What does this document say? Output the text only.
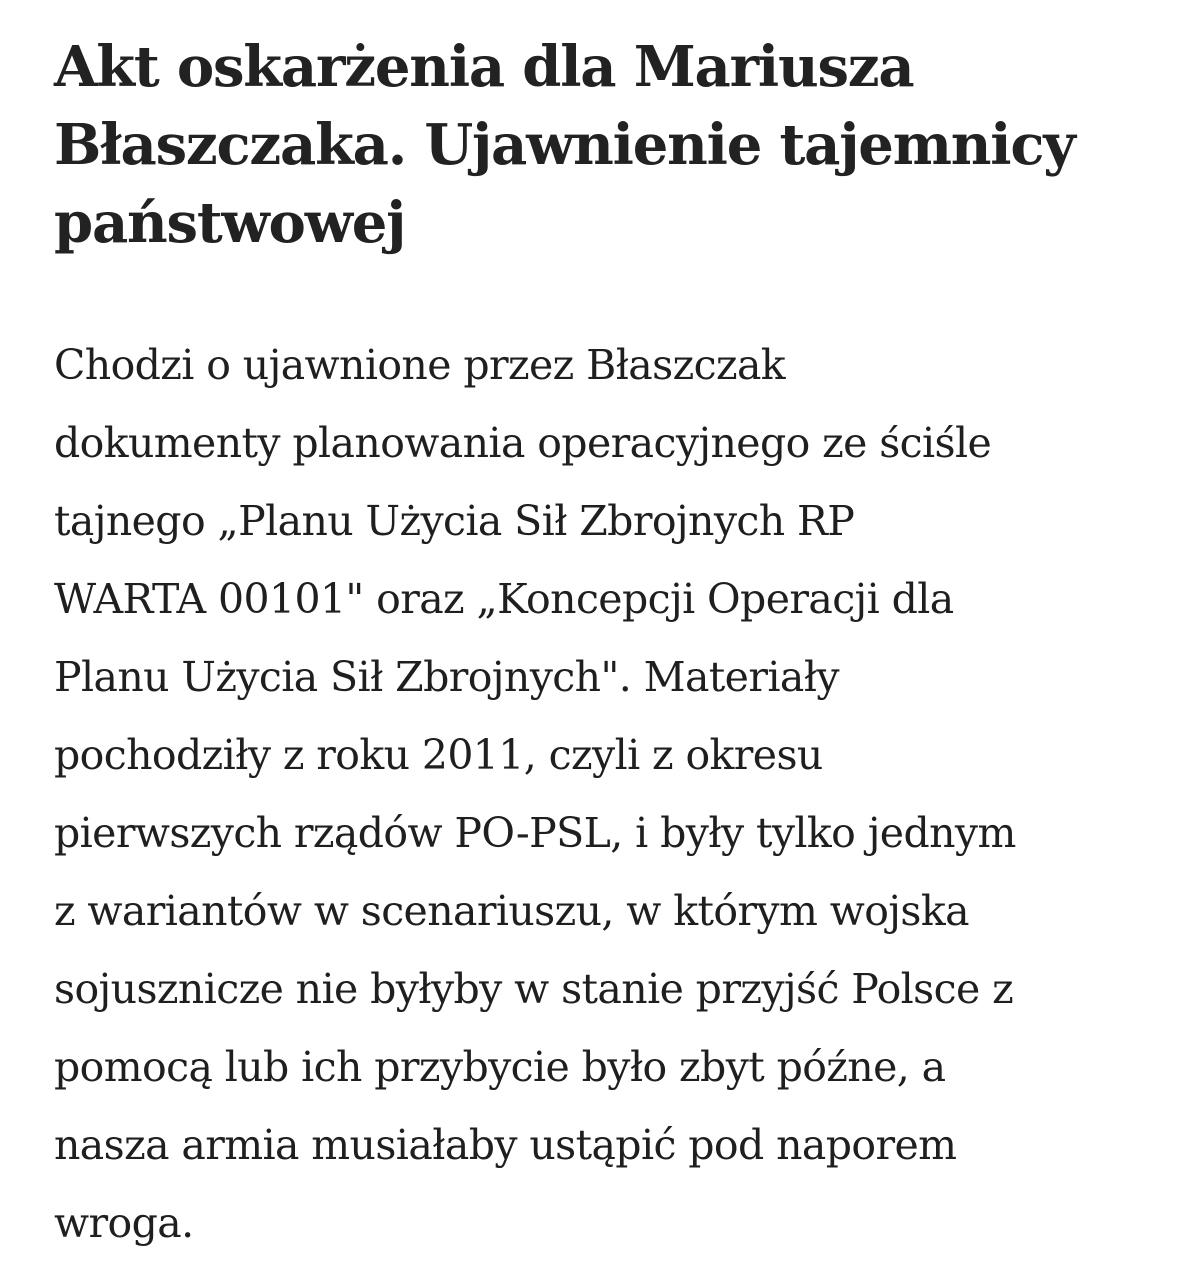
Akt oskarżenia dla Mariusza
Błaszczaka. Ujawnienie tajemnicy
państwowej

Chodzi o ujawnione przez Błaszczak
dokumenty planowania operacyjnego ze ściśle
tajnego „Planu Użycia Sił Zbrojnych RP
WARTA 00101" oraz „Koncepcji Operacji dla
Planu Użycia Sił Zbrojnych". Materiały
pochodziły z roku 2011, czyli z okresu
pierwszych rządów PO-PSL, i były tylko jednym
z wariantów w scenariuszu, w którym wojska
sojusznicze nie byłyby w stanie przyjść Polsce z
pomocą lub ich przybycie było zbyt późne, a
nasza armia musiałaby ustąpić pod naporem
wroga.
